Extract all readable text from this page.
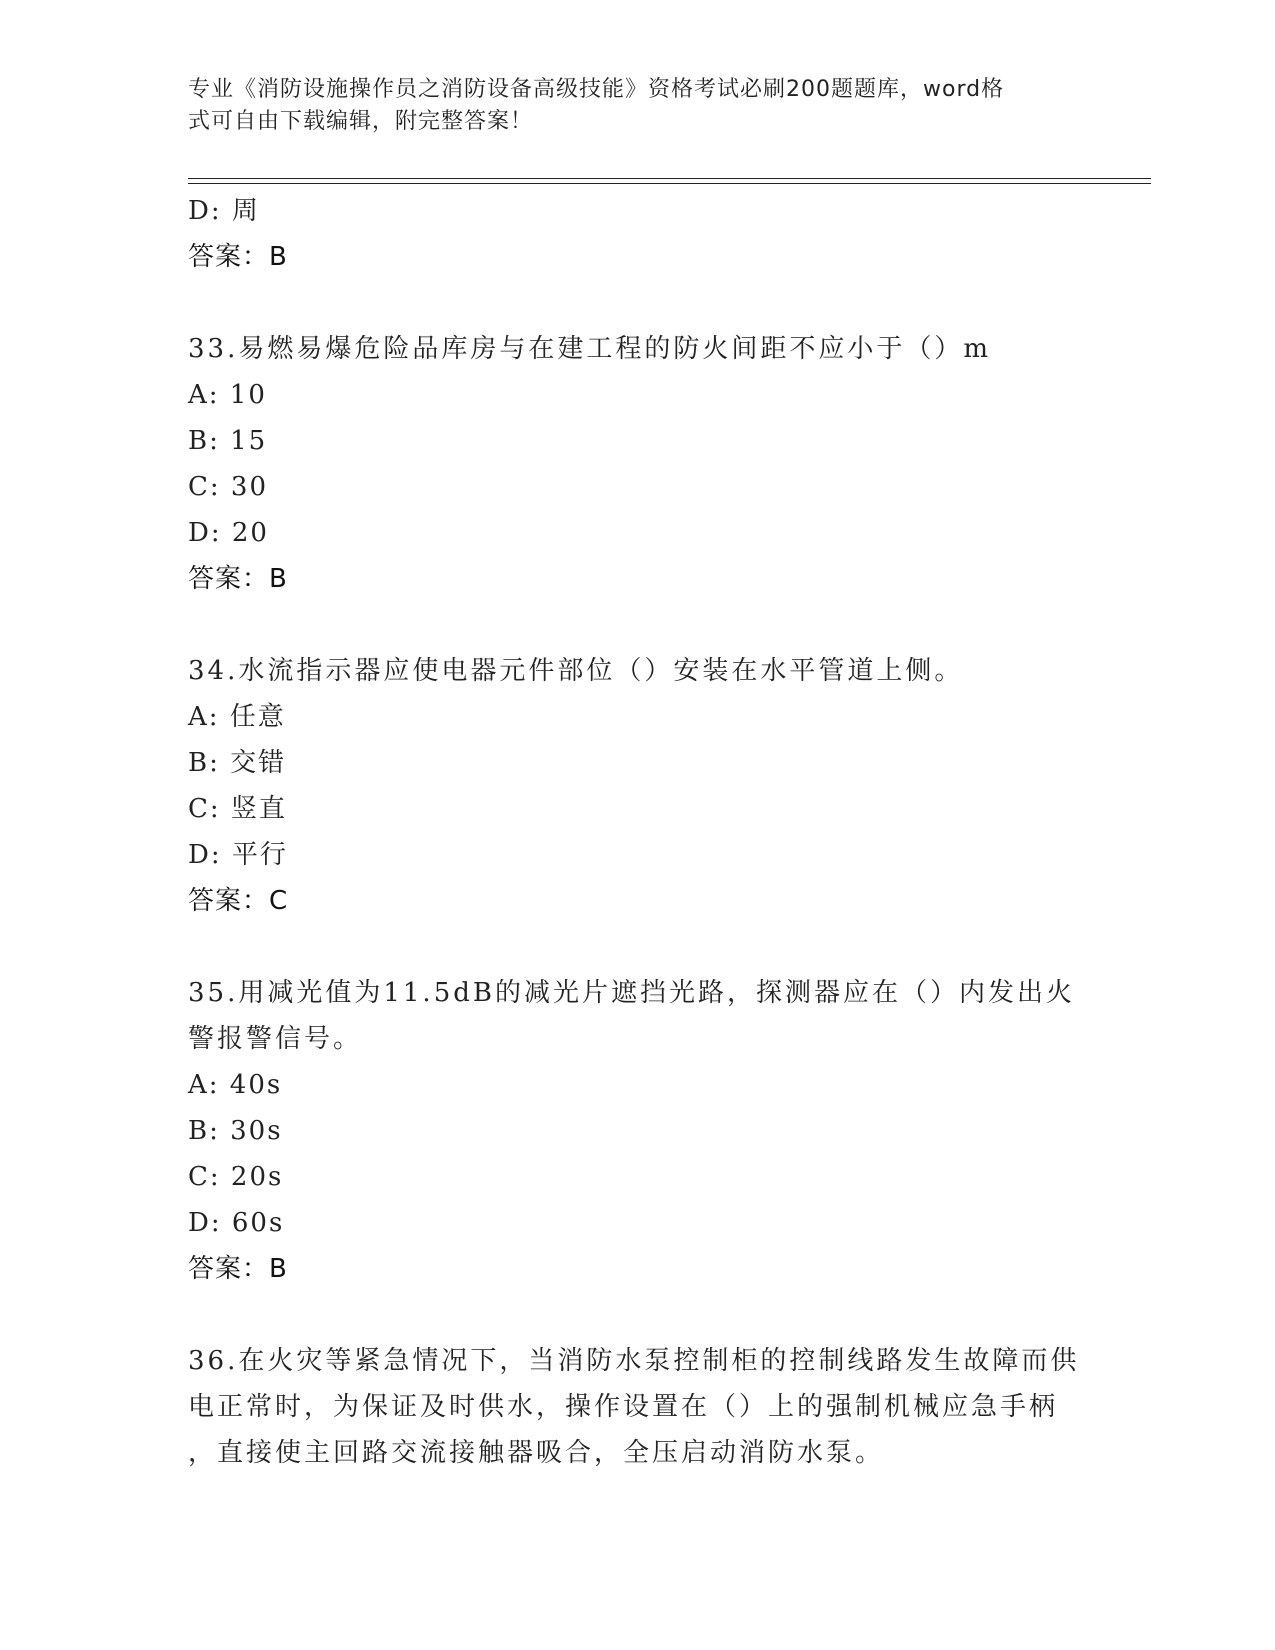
专业《消防设施操作员之消防设备高级技能》资格考试必刷200题题库，word格
式可自由下载编辑，附完整答案！
D: 周
答案：B
33.易燃易爆危险品库房与在建工程的防火间距不应小于（）m
A: 10
B: 15
C: 30
D: 20
答案：B
34.水流指示器应使电器元件部位（）安装在水平管道上侧。
A: 任意
B: 交错
C: 竖直
D: 平行
答案：C
35.用减光值为11.5dB的减光片遮挡光路，探测器应在（）内发出火
警报警信号。
A: 40s
B: 30s
C: 20s
D: 60s
答案：B
36.在火灾等紧急情况下，当消防水泵控制柜的控制线路发生故障而供
电正常时，为保证及时供水，操作设置在（）上的强制机械应急手柄
，直接使主回路交流接触器吸合，全压启动消防水泵。
